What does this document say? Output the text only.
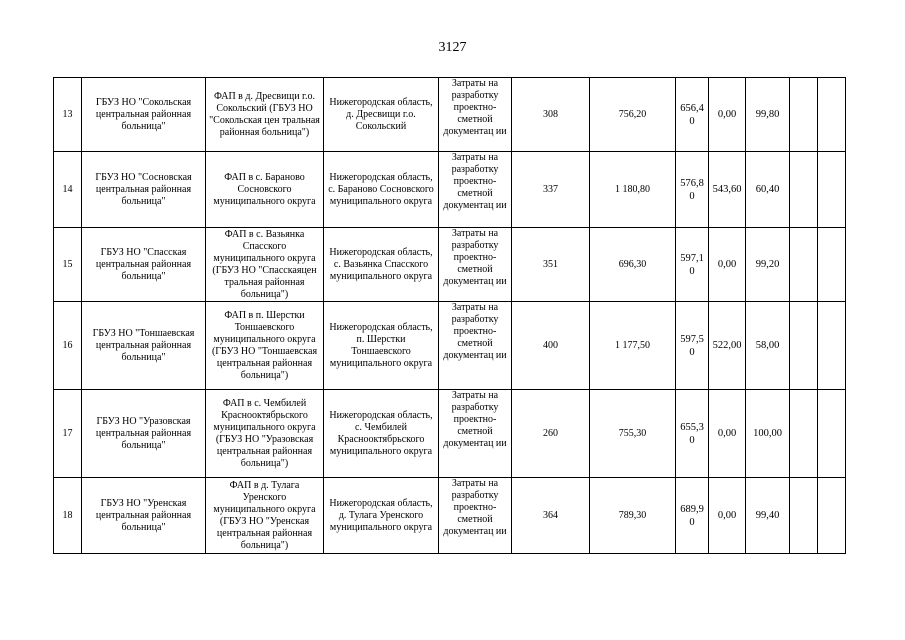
3127
13	ГБУЗ НО "Сокольская центральная районная больница"	ФАП в д. Дресвищи г.о. Сокольский (ГБУЗ НО "Сокольская цен тральная районная больница")	Нижегородская область, д. Дресвищи г.о. Сокольский	Затраты на разработку проектно-сметной документац ии	308	756,20	656,4 0	0,00	99,80		
14	ГБУЗ НО "Сосновская центральная районная больница"	ФАП в с. Бараново Сосновского муниципального округа	Нижегородская область, с. Бараново Сосновского муниципального округа	Затраты на разработку проектно-сметной документац ии	337	1 180,80	576,8 0	543,60	60,40		
15	ГБУЗ НО "Спасская центральная районная больница"	ФАП в с. Вазьянка Спасского муниципального округа (ГБУЗ НО "Спасскаяцен тральная районная больница")	Нижегородская область, с. Вазьянка Спасского муниципального округа	Затраты на разработку проектно-сметной документац ии	351	696,30	597,1 0	0,00	99,20		
16	ГБУЗ НО "Тоншаевская центральная районная больница"	ФАП в п. Шерстки Тоншаевского муниципального округа (ГБУЗ НО "Тоншаевская центральная районная больница")	Нижегородская область, п. Шерстки Тоншаевского муниципального округа	Затраты на разработку проектно-сметной документац ии	400	1 177,50	597,5 0	522,00	58,00		
17	ГБУЗ НО "Уразовская центральная районная больница"	ФАП в с. Чембилей Краснооктябрьского муниципального округа (ГБУЗ НО "Уразовская центральная районная больница")	Нижегородская область, с. Чембилей Краснооктябрьского муниципального округа	Затраты на разработку проектно-сметной документац ии	260	755,30	655,3 0	0,00	100,00		
18	ГБУЗ НО "Уренская центральная районная больница"	ФАП в д. Тулага Уренского муниципального округа (ГБУЗ НО "Уренская центральная районная больница")	Нижегородская область, д. Тулага Уренского муниципального округа	Затраты на разработку проектно-сметной документац ии	364	789,30	689,9 0	0,00	99,40		
